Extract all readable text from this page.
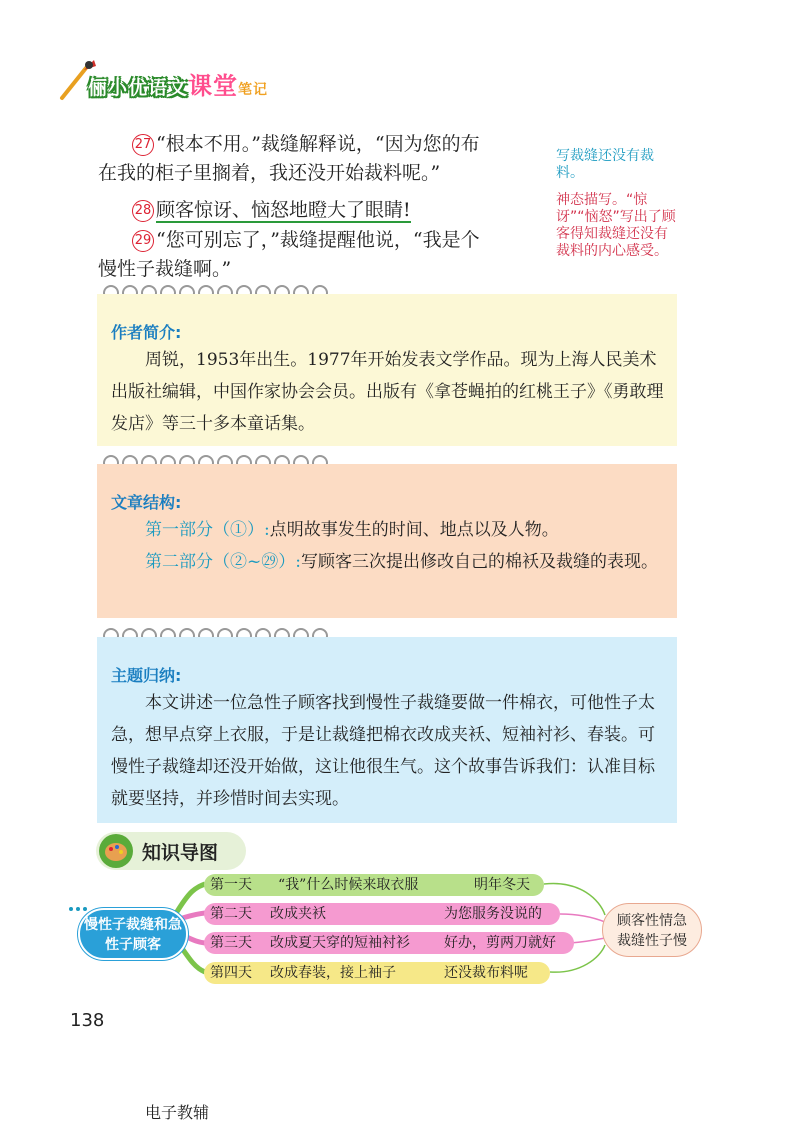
俪小优语文课堂笔记
27 “根本不用。”裁缝解释说，“因为您的布
在我的柜子里搁着，我还没开始裁料呢。”
28 顾客惊讶、恼怒地瞪大了眼睛!
29 “您可别忘了，”裁缝提醒他说，“我是个
慢性子裁缝啊。”
写裁缝还没有裁料。
神态描写。“惊讶”“恼怒”写出了顾客得知裁缝还没有裁料的内心感受。
作者简介:
周锐，1953年出生。1977年开始发表文学作品。现为上海人民美术出版社编辑，中国作家协会会员。出版有《拿苍蝇拍的红桃王子》《勇敢理发店》等三十多本童话集。
文章结构:
第一部分（①）:点明故事发生的时间、地点以及人物。
第二部分（②~㉙）:写顾客三次提出修改自己的棉袄及裁缝的表现。
主题归纳:
本文讲述一位急性子顾客找到慢性子裁缝要做一件棉衣，可他性子太急，想早点穿上衣服，于是让裁缝把棉衣改成夹袄、短袖衬衫、春装。可慢性子裁缝却还没开始做，这让他很生气。这个故事告诉我们：认准目标就要坚持，并珍惜时间去实现。
知识导图
慢性子裁缝和急性子顾客
第一天 “我”什么时候来取衣服	明年冬天
第二天 改成夹袄	为您服务没说的
第三天 改成夏天穿的短袖衬衫 好办，剪两刀就好
第四天 改成春装，接上袖子	还没裁布料呢
顾客性情急
裁缝性子慢
138
电子教辅
